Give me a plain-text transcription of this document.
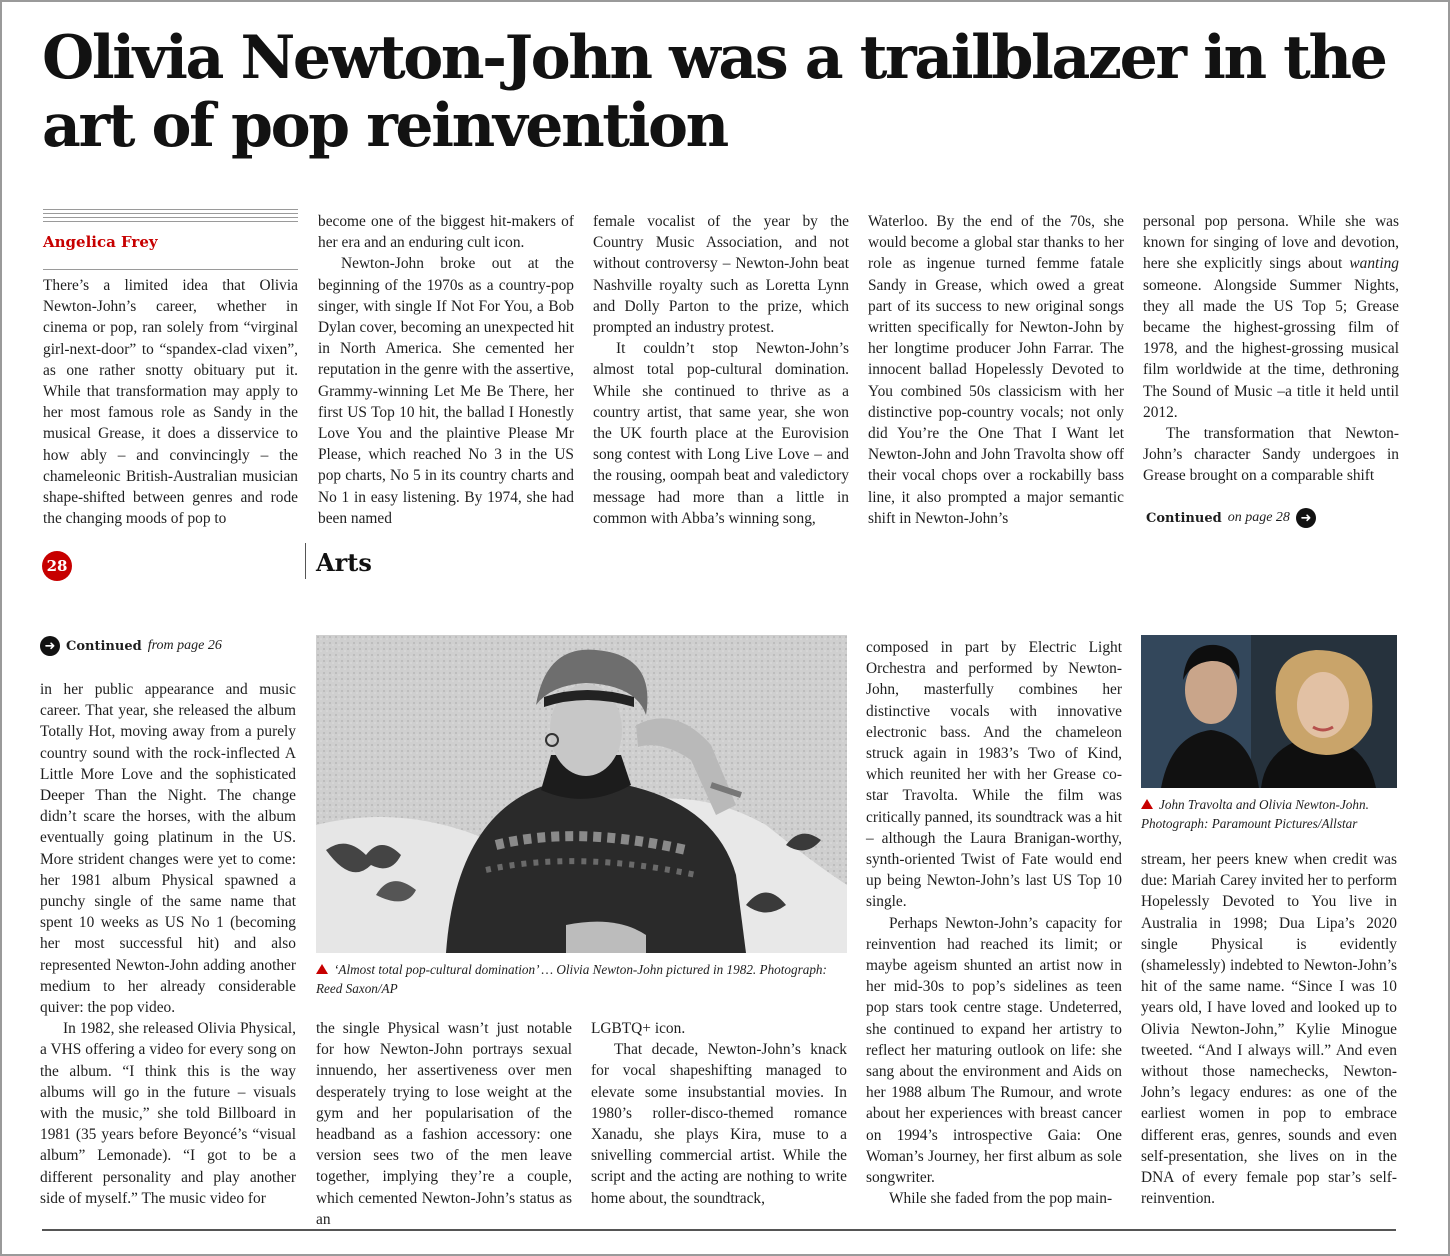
Olivia Newton-John was a trailblazer in the art of pop reinvention
Angelica Frey

There’s a limited idea that Olivia Newton-John’s career, whether in cinema or pop, ran solely from “virginal girl-next-door” to “spandex-clad vixen”, as one rather snotty obituary put it. While that transformation may apply to her most famous role as Sandy in the musical Grease, it does a disservice to how ably – and convincingly – the chameleonic British-Australian musician shape-shifted between genres and rode the changing moods of pop to

become one of the biggest hit-makers of her era and an enduring cult icon.

Newton-John broke out at the beginning of the 1970s as a country-pop singer, with single If Not For You, a Bob Dylan cover, becoming an unexpected hit in North America. She cemented her reputation in the genre with the assertive, Grammy-winning Let Me Be There, her first US Top 10 hit, the ballad I Honestly Love You and the plaintive Please Mr Please, which reached No 3 in the US pop charts, No 5 in its country charts and No 1 in easy listening. By 1974, she had been named

female vocalist of the year by the Country Music Association, and not without controversy – Newton-John beat Nashville royalty such as Loretta Lynn and Dolly Parton to the prize, which prompted an industry protest.

It couldn’t stop Newton-John’s almost total pop-cultural domination. While she continued to thrive as a country artist, that same year, she won the UK fourth place at the Eurovision song contest with Long Live Love – and the rousing, oompah beat and valedictory message had more than a little in common with Abba’s winning song,

Waterloo. By the end of the 70s, she would become a global star thanks to her role as ingenue turned femme fatale Sandy in Grease, which owed a great part of its success to new original songs written specifically for Newton-John by her longtime producer John Farrar. The innocent ballad Hopelessly Devoted to You combined 50s classicism with her distinctive pop-country vocals; not only did You’re the One That I Want let Newton-John and John Travolta show off their vocal chops over a rockabilly bass line, it also prompted a major semantic shift in Newton-John’s

personal pop persona. While she was known for singing of love and devotion, here she explicitly sings about wanting someone. Alongside Summer Nights, they all made the US Top 5; Grease became the highest-grossing film of 1978, and the highest-grossing musical film worldwide at the time, dethroning The Sound of Music –a title it held until 2012.

The transformation that Newton-John’s character Sandy undergoes in Grease brought on a comparable shift

Continued on page 28 ➜
28	Arts
➜ Continued from page 26

in her public appearance and music career. That year, she released the album Totally Hot, moving away from a purely country sound with the rock-inflected A Little More Love and the sophisticated Deeper Than the Night. The change didn’t scare the horses, with the album eventually going platinum in the US. More strident changes were yet to come: her 1981 album Physical spawned a punchy single of the same name that spent 10 weeks as US No 1 (becoming her most successful hit) and also represented Newton-John adding another medium to her already considerable quiver: the pop video.

In 1982, she released Olivia Physical, a VHS offering a video for every song on the album. “I think this is the way albums will go in the future – visuals with the music,” she told Billboard in 1981 (35 years before Beyoncé’s “visual album” Lemonade). “I got to be a different personality and play another side of myself.” The music video for

‘Almost total pop-cultural domination’ … Olivia Newton-John pictured in 1982. Photograph: Reed Saxon/AP

the single Physical wasn’t just notable for how Newton-John portrays sexual innuendo, her assertiveness over men desperately trying to lose weight at the gym and her popularisation of the headband as a fashion accessory: one version sees two of the men leave together, implying they’re a couple, which cemented Newton-John’s status as an

LGBTQ+ icon.

That decade, Newton-John’s knack for vocal shapeshifting managed to elevate some insubstantial movies. In 1980’s roller-disco-themed romance Xanadu, she plays Kira, muse to a snivelling commercial artist. While the script and the acting are nothing to write home about, the soundtrack,

composed in part by Electric Light Orchestra and performed by Newton-John, masterfully combines her distinctive vocals with innovative electronic bass. And the chameleon struck again in 1983’s Two of Kind, which reunited her with her Grease co-star Travolta. While the film was critically panned, its soundtrack was a hit – although the Laura Branigan-worthy, synth-oriented Twist of Fate would end up being Newton-John’s last US Top 10 single.

Perhaps Newton-John’s capacity for reinvention had reached its limit; or maybe ageism shunted an artist now in her mid-30s to pop’s sidelines as teen pop stars took centre stage. Undeterred, she continued to expand her artistry to reflect her maturing outlook on life: she sang about the environment and Aids on her 1988 album The Rumour, and wrote about her experiences with breast cancer on 1994’s introspective Gaia: One Woman’s Journey, her first album as sole songwriter.

While she faded from the pop main-

John Travolta and Olivia Newton-John. Photograph: Paramount Pictures/Allstar

stream, her peers knew when credit was due: Mariah Carey invited her to perform Hopelessly Devoted to You live in Australia in 1998; Dua Lipa’s 2020 single Physical is evidently (shamelessly) indebted to Newton-John’s hit of the same name. “Since I was 10 years old, I have loved and looked up to Olivia Newton-John,” Kylie Minogue tweeted. “And I always will.” And even without those namechecks, Newton-John’s legacy endures: as one of the earliest women in pop to embrace different eras, genres, sounds and even self-presentation, she lives on in the DNA of every female pop star’s self-reinvention.
